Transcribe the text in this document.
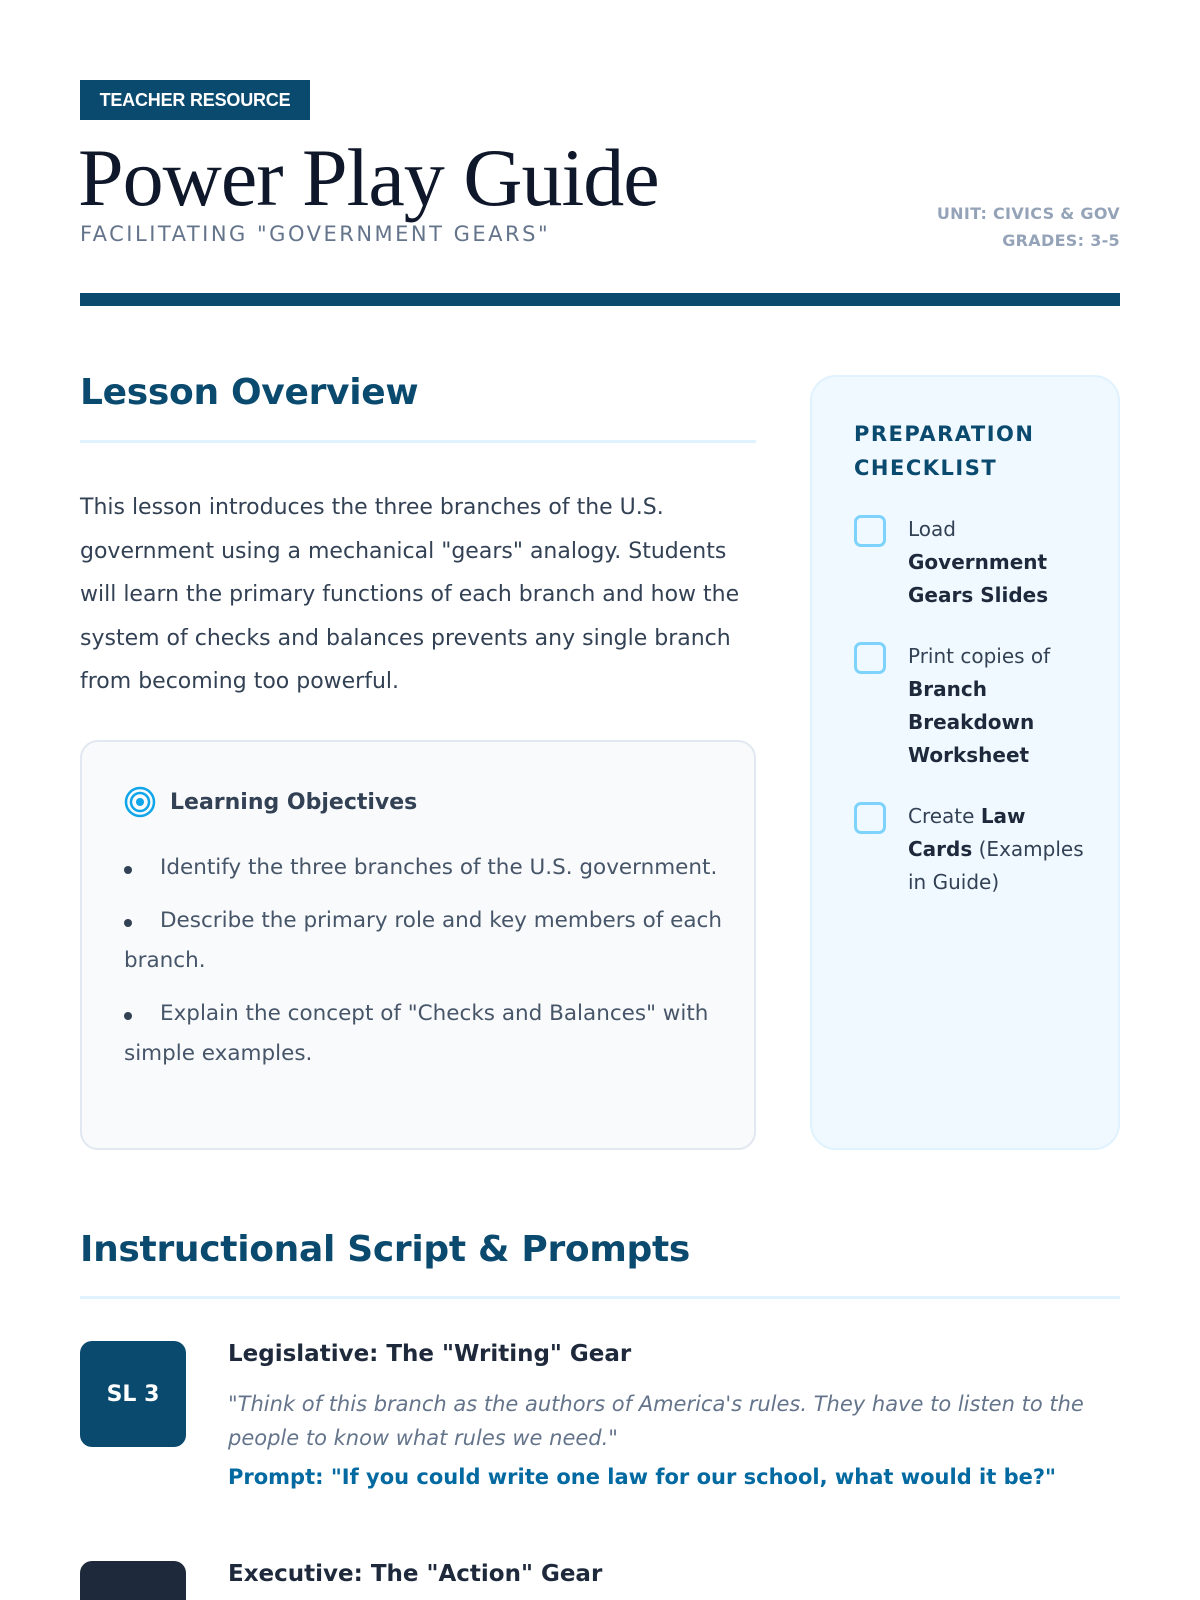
TEACHER RESOURCE
Power Play Guide
FACILITATING "GOVERNMENT GEARS"
UNIT: CIVICS & GOV
GRADES: 3-5
Lesson Overview
This lesson introduces the three branches of the U.S. government using a mechanical "gears" analogy. Students will learn the primary functions of each branch and how the system of checks and balances prevents any single branch from becoming too powerful.
Learning Objectives
Identify the three branches of the U.S. government.
Describe the primary role and key members of each branch.
Explain the concept of "Checks and Balances" with simple examples.
PREPARATION CHECKLIST
Load Government Gears Slides
Print copies of Branch Breakdown Worksheet
Create Law Cards (Examples in Guide)
Instructional Script & Prompts
SL 3
Legislative: The "Writing" Gear
"Think of this branch as the authors of America's rules. They have to listen to the people to know what rules we need."
Prompt: "If you could write one law for our school, what would it be?"
Executive: The "Action" Gear
